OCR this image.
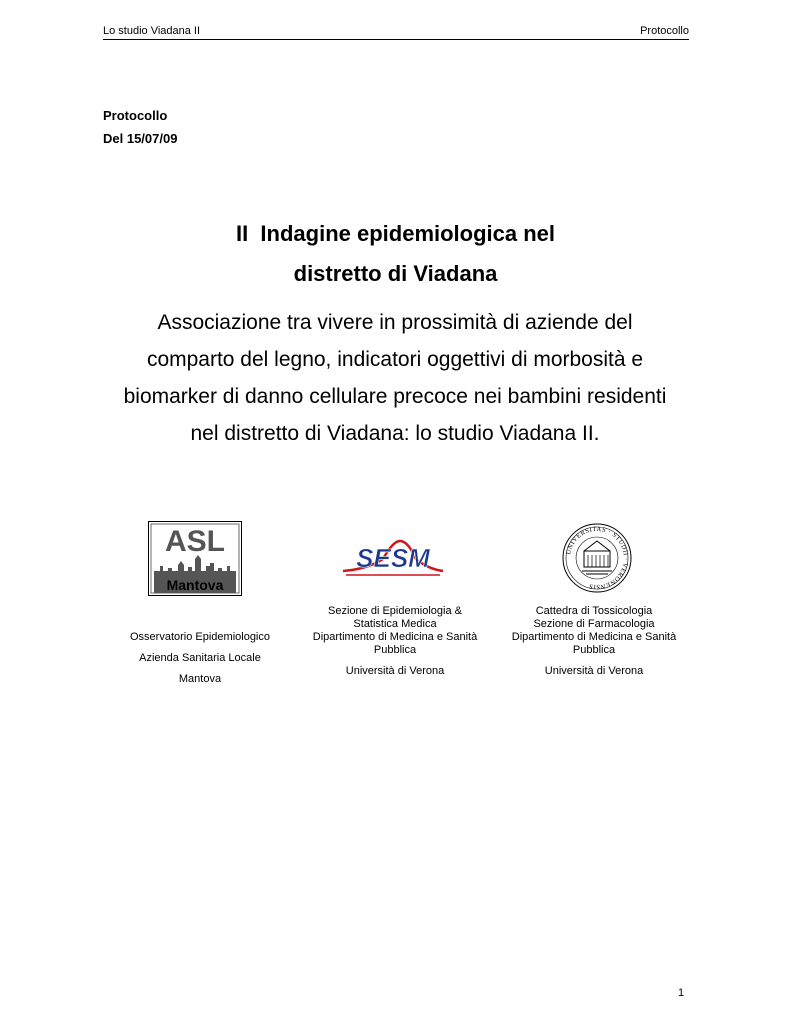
Lo studio Viadana II	Protocollo
Protocollo
Del 15/07/09
II  Indagine epidemiologica nel
distretto di Viadana
Associazione tra vivere in prossimità di aziende del
comparto del legno, indicatori oggettivi di morbosità e
biomarker di danno cellulare precoce nei bambini residenti
nel distretto di Viadana: lo studio Viadana II.
ASL
Mantova
SESM	UNIVERSITAS · STUDII · VERONENSIS

Osservatorio Epidemiologico

Azienda Sanitaria Locale

Mantova

Sezione di Epidemiologia &
Statistica Medica

Dipartimento di Medicina e Sanità
Pubblica

Università di Verona

Cattedra di Tossicologia
Sezione di Farmacologia

Dipartimento di Medicina e Sanità
Pubblica

Università di Verona

1
